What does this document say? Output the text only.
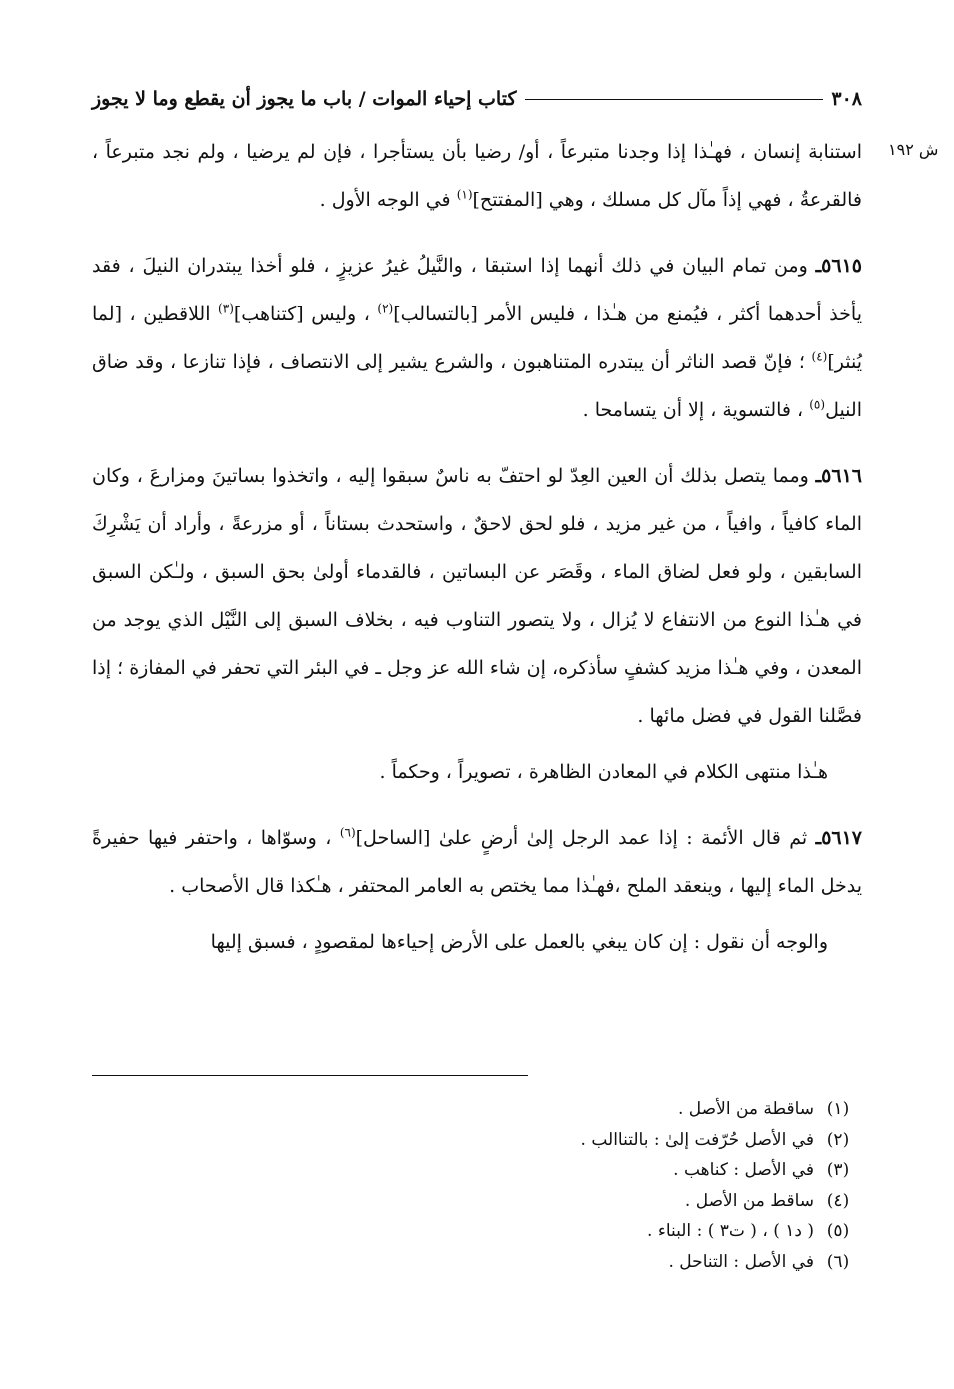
٣٠٨
كتاب إحياء الموات / باب ما يجوز أن يقطع وما لا يجوز
ش ١٩٢

استنابة إنسان ، فهـٰذا إذا وجدنا متبرعاً ، أو/ رضيا بأن يستأجرا ، فإن لم يرضيا ، ولم نجد متبرعاً ، فالقرعةُ ، فهي إذاً مآل كل مسلك ، وهي [المفتتح]$^{(١)}$ في الوجه الأول .

٥٦١٥ـ ومن تمام البيان في ذلك أنهما إذا استبقا ، والنَّيلُ غيرُ عزيزٍ ، فلو أخذا يبتدران النيلَ ، فقد يأخذ أحدهما أكثر ، فيُمنع من هـٰذا ، فليس الأمر [بالتسالب]$^{(٢)}$ ، وليس [كتناهب]$^{(٣)}$ اللاقطين ، [لما يُنثر]$^{(٤)}$ ؛ فإنّ قصد الناثر أن يبتدره المتناهبون ، والشرع يشير إلى الانتصاف ، فإذا تنازعا ، وقد ضاق النيل$^{(٥)}$ ، فالتسوية ، إلا أن يتسامحا .

٥٦١٦ـ ومما يتصل بذلك أن العين العِدّ لو احتفّ به ناسٌ سبقوا إليه ، واتخذوا بساتينَ ومزارعَ ، وكان الماء كافياً ، وافياً ، من غير مزيد ، فلو لحق لاحقٌ ، واستحدث بستاناً ، أو مزرعةً ، وأراد أن يَشْرِكَ السابقين ، ولو فعل لضاق الماء ، وقَصَر عن البساتين ، فالقدماء أولىٰ بحق السبق ، ولـٰكن السبق في هـٰذا النوع من الانتفاع لا يُزال ، ولا يتصور التناوب فيه ، بخلاف السبق إلى النَّيْل الذي يوجد من المعدن ، وفي هـٰذا مزيد كشفٍ سأذكره، إن شاء الله عز وجل ـ في البئر التي تحفر في المفازة ؛ إذا فصَّلنا القول في فضل مائها .

هـٰذا منتهى الكلام في المعادن الظاهرة ، تصويراً ، وحكماً .

٥٦١٧ـ ثم قال الأئمة : إذا عمد الرجل إلىٰ أرضٍ علىٰ [الساحل]$^{(٦)}$ ، وسوّاها ، واحتفر فيها حفيرةً يدخل الماء إليها ، وينعقد الملح ،فهـٰذا مما يختص به العامر المحتفر ، هـٰكذا قال الأصحاب .

والوجه أن نقول : إن كان يبغي بالعمل على الأرض إحياءها لمقصودٍ ، فسبق إليها

(١)
ساقطة من الأصل .
(٢)
في الأصل حُرّفت إلىٰ : بالتناالب .
(٣)
في الأصل : كناهب .
(٤)
ساقط من الأصل .
(٥)
( د١ ) ، ( ت٣ ) : البناء .
(٦)
في الأصل : التناحل .
